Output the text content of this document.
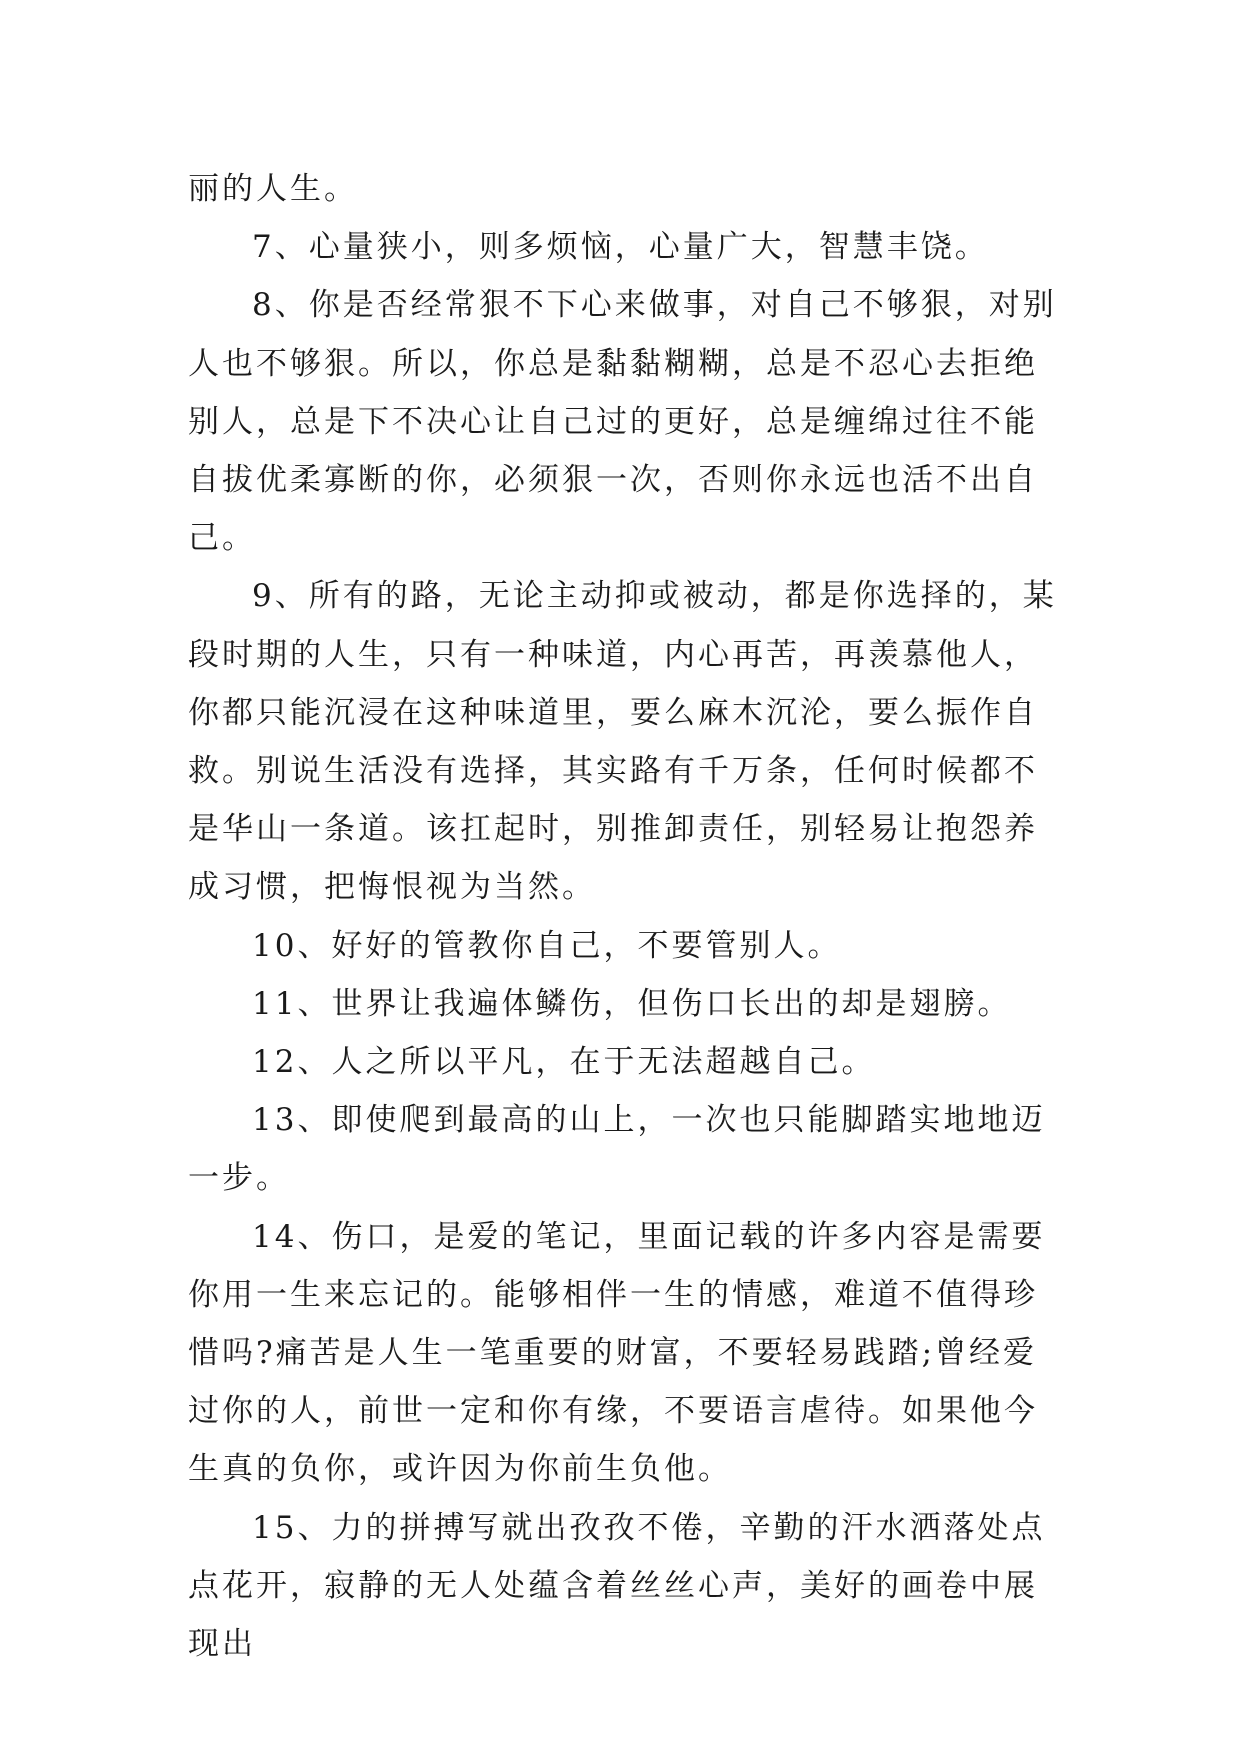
丽的人生。

7、心量狭小，则多烦恼，心量广大，智慧丰饶。

8、你是否经常狠不下心来做事，对自己不够狠，对别人也不够狠。所以，你总是黏黏糊糊，总是不忍心去拒绝别人，总是下不决心让自己过的更好，总是缠绵过往不能自拔优柔寡断的你，必须狠一次，否则你永远也活不出自己。

9、所有的路，无论主动抑或被动，都是你选择的，某段时期的人生，只有一种味道，内心再苦，再羡慕他人，你都只能沉浸在这种味道里，要么麻木沉沦，要么振作自救。别说生活没有选择，其实路有千万条，任何时候都不是华山一条道。该扛起时，别推卸责任，别轻易让抱怨养成习惯，把悔恨视为当然。

10、好好的管教你自己，不要管别人。

11、世界让我遍体鳞伤，但伤口长出的却是翅膀。

12、人之所以平凡，在于无法超越自己。

13、即使爬到最高的山上，一次也只能脚踏实地地迈一步。

14、伤口，是爱的笔记，里面记载的许多内容是需要你用一生来忘记的。能够相伴一生的情感，难道不值得珍惜吗?痛苦是人生一笔重要的财富，不要轻易践踏;曾经爱过你的人，前世一定和你有缘，不要语言虐待。如果他今生真的负你，或许因为你前生负他。

15、力的拼搏写就出孜孜不倦，辛勤的汗水洒落处点点花开，寂静的无人处蕴含着丝丝心声，美好的画卷中展现出
